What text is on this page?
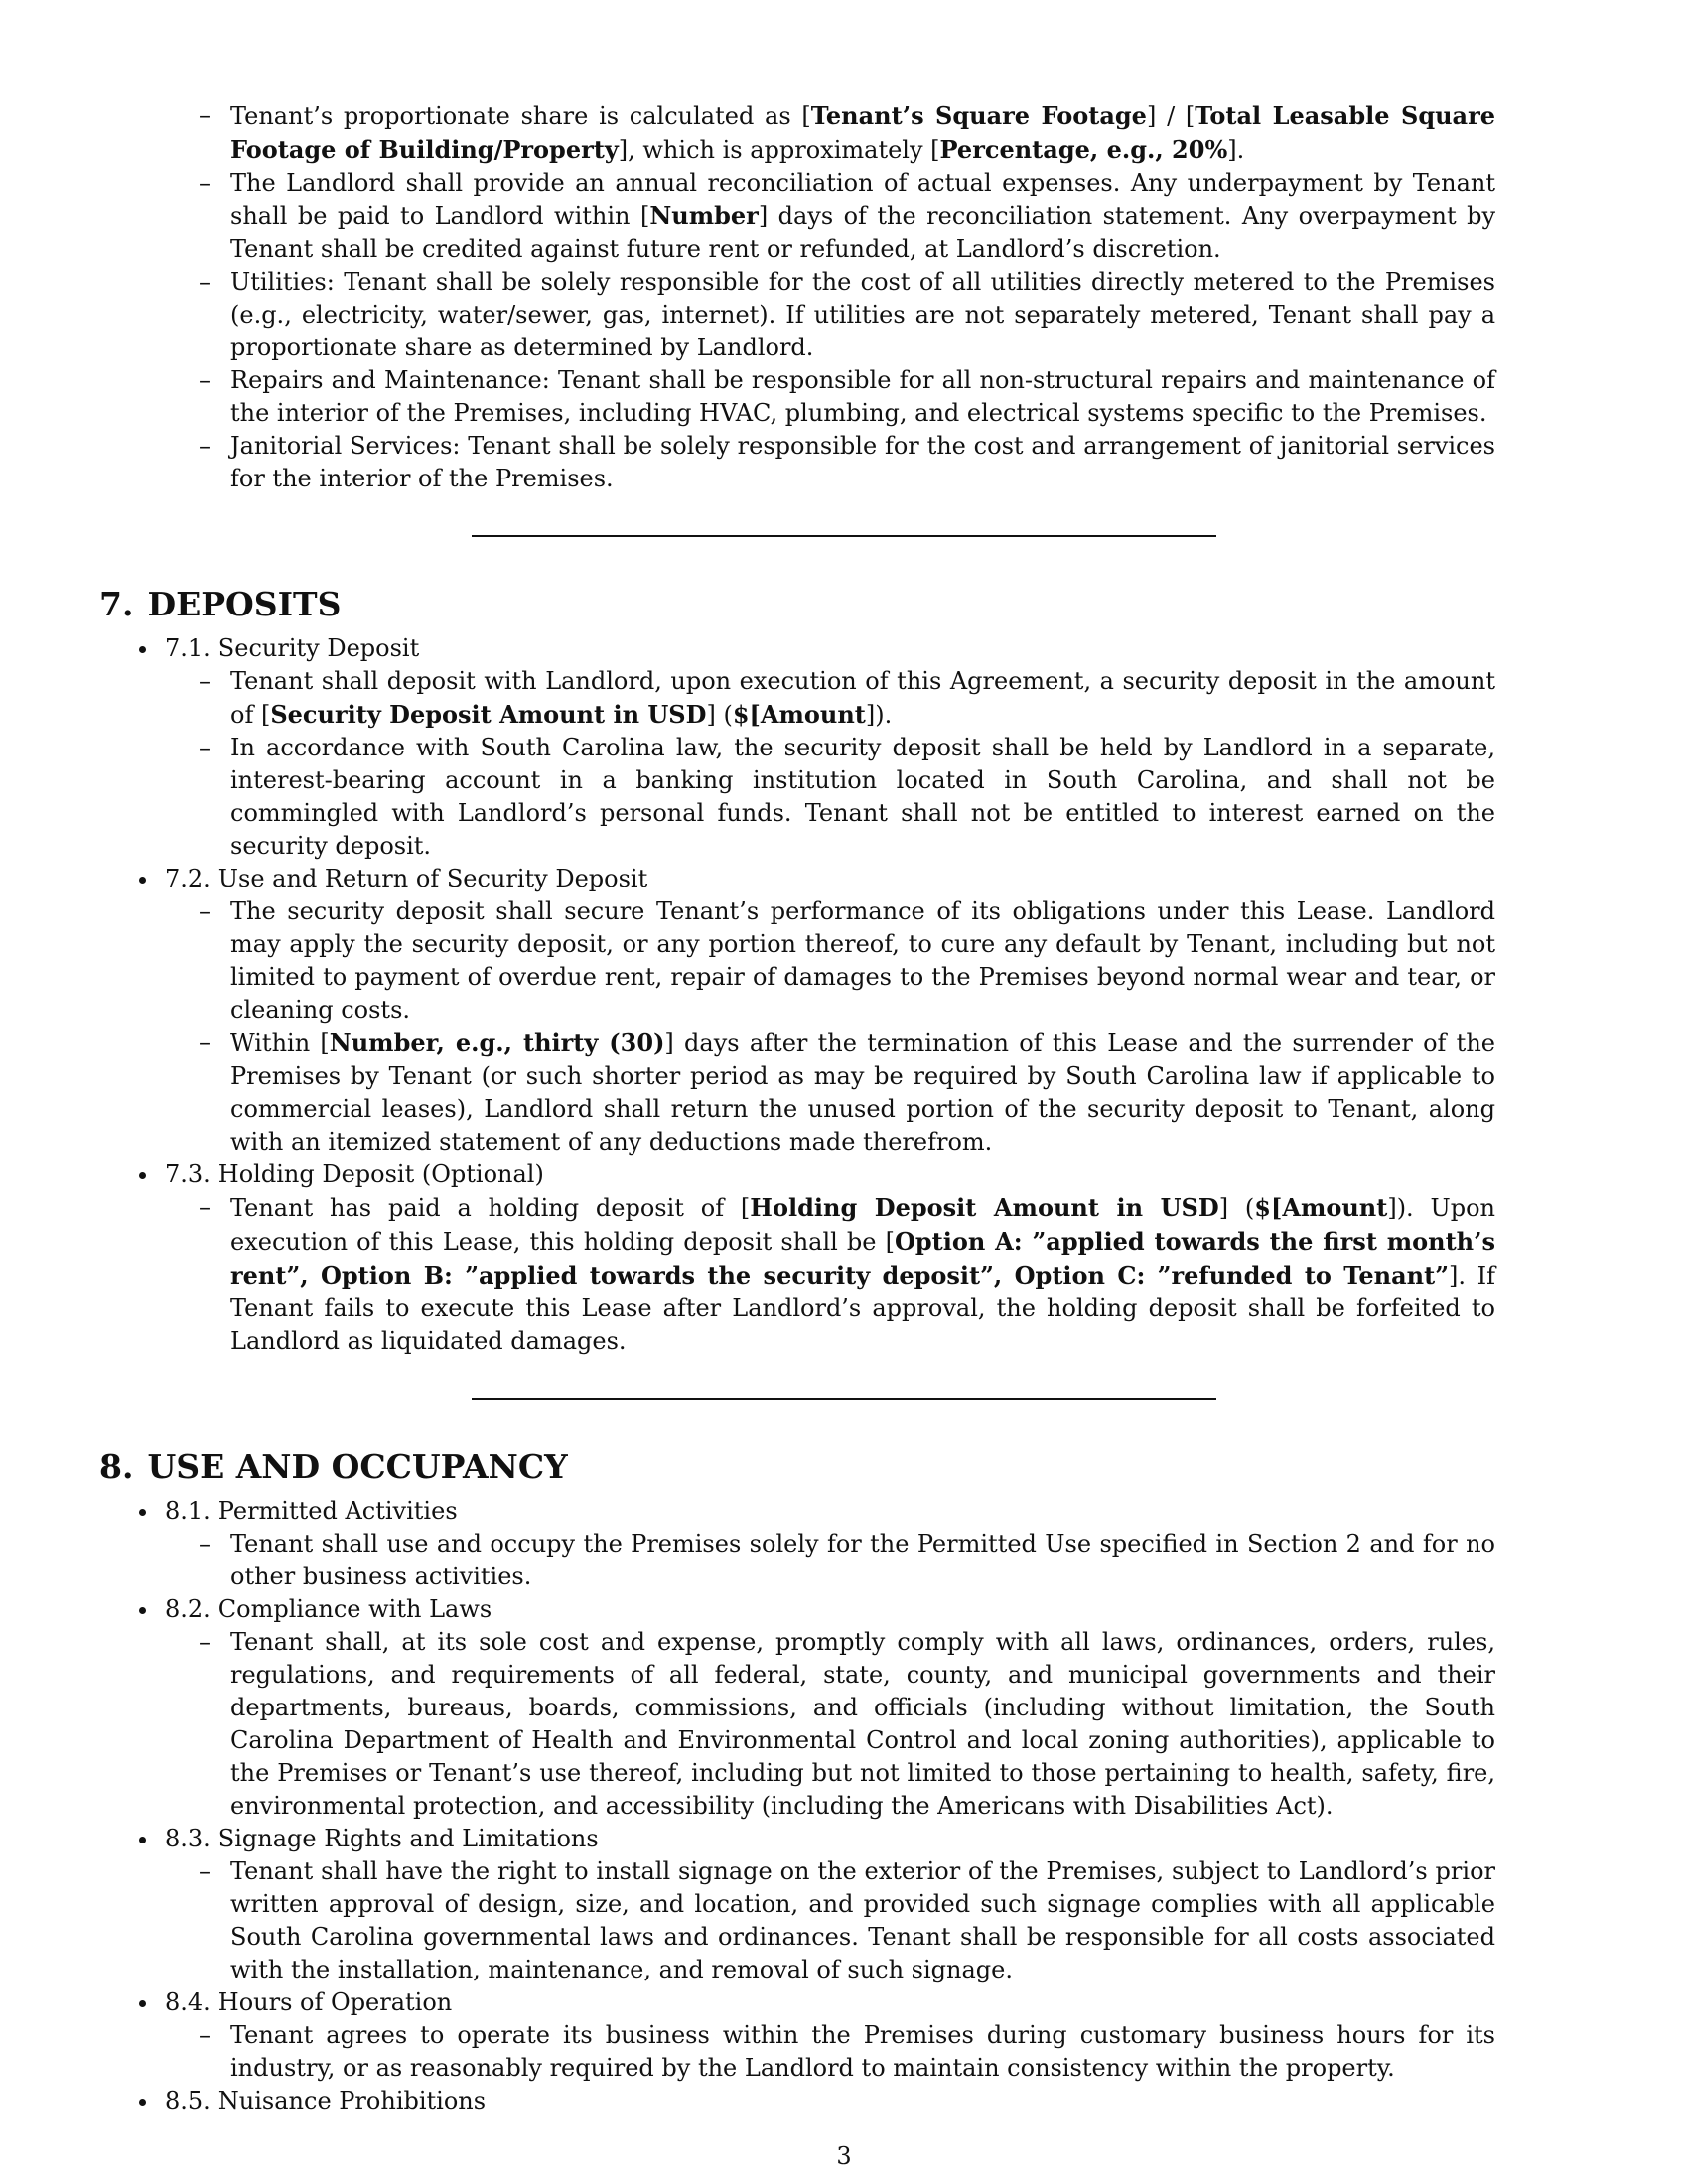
– Tenant’s proportionate share is calculated as [Tenant’s Square Footage] / [Total Leasable Square Footage of Building/Property], which is approximately [Percentage, e.g., 20%].
– The Landlord shall provide an annual reconciliation of actual expenses. Any underpayment by Tenant shall be paid to Landlord within [Number] days of the reconciliation statement. Any overpayment by Tenant shall be credited against future rent or refunded, at Landlord’s discretion.
– Utilities: Tenant shall be solely responsible for the cost of all utilities directly metered to the Premises (e.g., electricity, water/sewer, gas, internet). If utilities are not separately metered, Tenant shall pay a proportionate share as determined by Landlord.
– Repairs and Maintenance: Tenant shall be responsible for all non-structural repairs and maintenance of the interior of the Premises, including HVAC, plumbing, and electrical systems specific to the Premises.
– Janitorial Services: Tenant shall be solely responsible for the cost and arrangement of janitorial services for the interior of the Premises.
7. DEPOSITS
7.1. Security Deposit
– Tenant shall deposit with Landlord, upon execution of this Agreement, a security deposit in the amount of [Security Deposit Amount in USD] ($[Amount]).
– In accordance with South Carolina law, the security deposit shall be held by Landlord in a separate, interest-bearing account in a banking institution located in South Carolina, and shall not be commingled with Landlord’s personal funds. Tenant shall not be entitled to interest earned on the security deposit.
7.2. Use and Return of Security Deposit
– The security deposit shall secure Tenant’s performance of its obligations under this Lease. Landlord may apply the security deposit, or any portion thereof, to cure any default by Tenant, including but not limited to payment of overdue rent, repair of damages to the Premises beyond normal wear and tear, or cleaning costs.
– Within [Number, e.g., thirty (30)] days after the termination of this Lease and the surrender of the Premises by Tenant (or such shorter period as may be required by South Carolina law if applicable to commercial leases), Landlord shall return the unused portion of the security deposit to Tenant, along with an itemized statement of any deductions made therefrom.
7.3. Holding Deposit (Optional)
– Tenant has paid a holding deposit of [Holding Deposit Amount in USD] ($[Amount]). Upon execution of this Lease, this holding deposit shall be [Option A: ”applied towards the first month’s rent”, Option B: ”applied towards the security deposit”, Option C: ”refunded to Tenant”]. If Tenant fails to execute this Lease after Landlord’s approval, the holding deposit shall be forfeited to Landlord as liquidated damages.
8. USE AND OCCUPANCY
8.1. Permitted Activities
– Tenant shall use and occupy the Premises solely for the Permitted Use specified in Section 2 and for no other business activities.
8.2. Compliance with Laws
– Tenant shall, at its sole cost and expense, promptly comply with all laws, ordinances, orders, rules, regulations, and requirements of all federal, state, county, and municipal governments and their departments, bureaus, boards, commissions, and officials (including without limitation, the South Carolina Department of Health and Environmental Control and local zoning authorities), applicable to the Premises or Tenant’s use thereof, including but not limited to those pertaining to health, safety, fire, environmental protection, and accessibility (including the Americans with Disabilities Act).
8.3. Signage Rights and Limitations
– Tenant shall have the right to install signage on the exterior of the Premises, subject to Landlord’s prior written approval of design, size, and location, and provided such signage complies with all applicable South Carolina governmental laws and ordinances. Tenant shall be responsible for all costs associated with the installation, maintenance, and removal of such signage.
8.4. Hours of Operation
– Tenant agrees to operate its business within the Premises during customary business hours for its industry, or as reasonably required by the Landlord to maintain consistency within the property.
8.5. Nuisance Prohibitions
3
